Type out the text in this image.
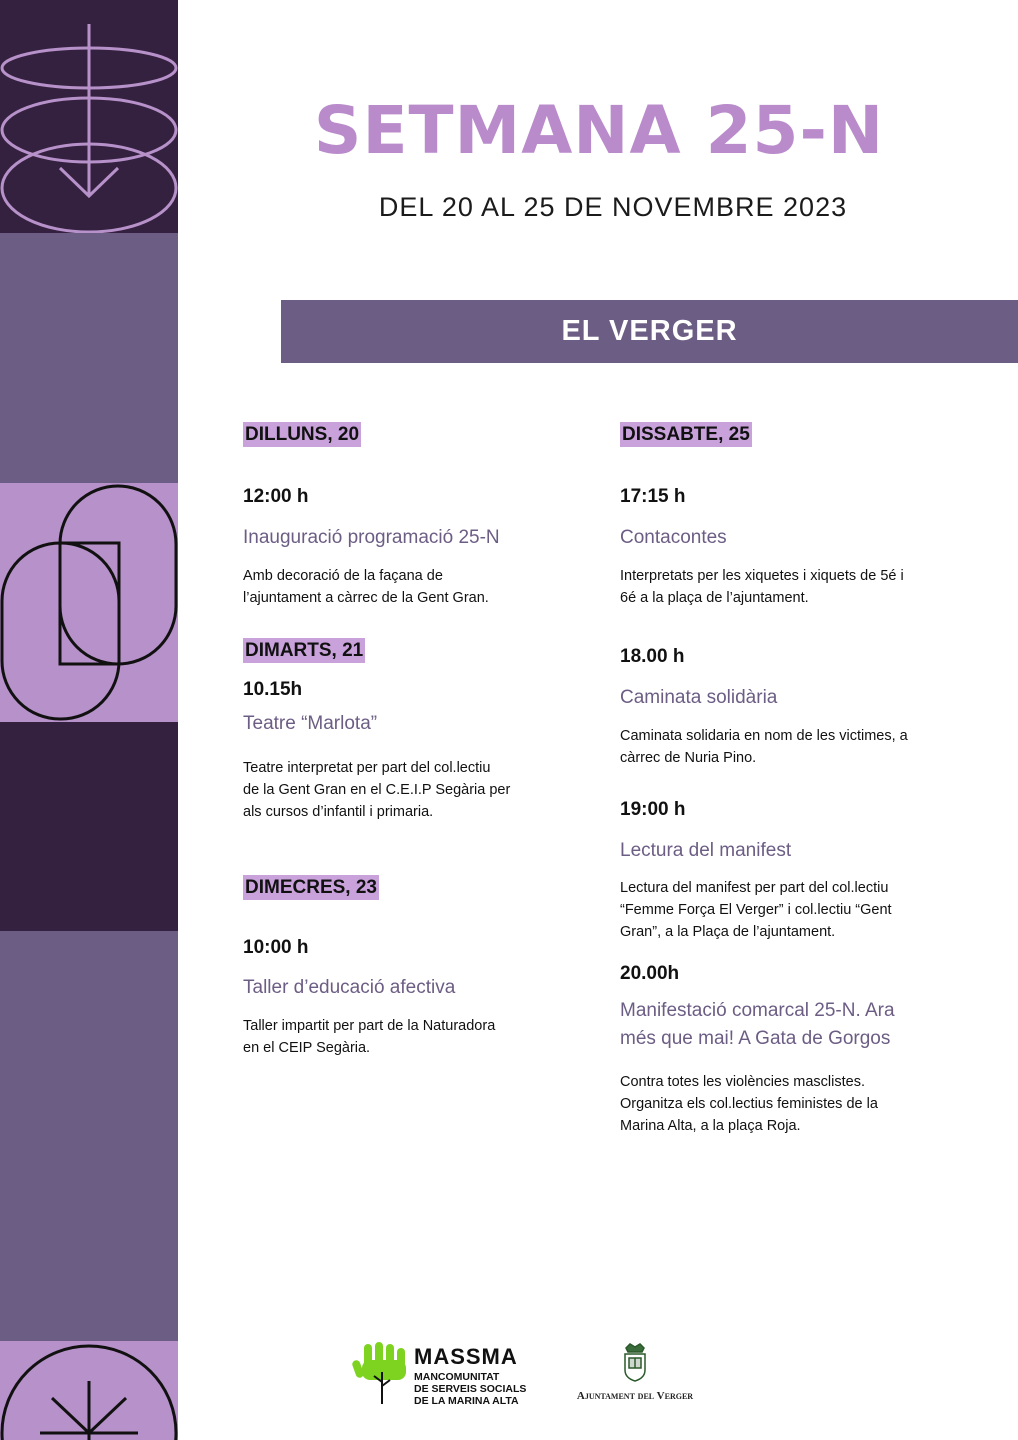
SETMANA 25-N
DEL 20 AL 25 DE NOVEMBRE 2023
EL VERGER
DILLUNS, 20
12:00 h
Inauguració programació 25-N
Amb decoració de la façana de
l’ajuntament a càrrec de la Gent Gran.
DIMARTS, 21
10.15h
Teatre “Marlota”
Teatre interpretat per part del col.lectiu
de la Gent Gran en el C.E.I.P Segària per
als cursos d’infantil i primaria.
DIMECRES, 23
10:00 h
Taller d’educació afectiva
Taller impartit per part de la Naturadora
en el CEIP Segària.
DISSABTE, 25
17:15 h
Contacontes
Interpretats per les xiquetes i xiquets de 5é i
6é a la plaça de l’ajuntament.
18.00 h
Caminata solidària
Caminata solidaria en nom de les victimes, a
càrrec de Nuria Pino.
19:00 h
Lectura del manifest
Lectura del manifest per part del col.lectiu
“Femme Força El Verger” i col.lectiu “Gent
Gran”, a la Plaça de l’ajuntament.
20.00h
Manifestació comarcal 25-N. Ara
més que mai! A Gata de Gorgos
Contra totes les violències masclistes.
Organitza els col.lectius feministes de la
Marina Alta, a la plaça Roja.
MASSMA
MANCOMUNITAT
DE SERVEIS SOCIALS
DE LA MARINA ALTA	Ajuntament del Verger
